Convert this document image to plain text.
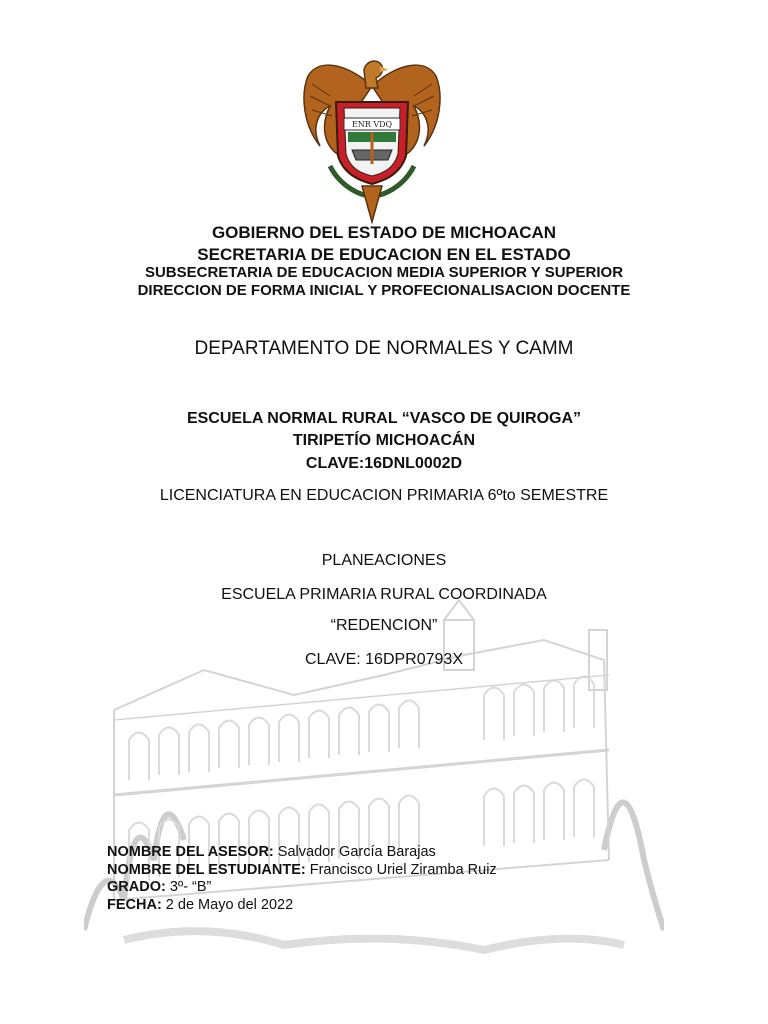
ENR VDQ
GOBIERNO DEL ESTADO DE MICHOACAN
SECRETARIA DE EDUCACION EN EL ESTADO
SUBSECRETARIA DE EDUCACION MEDIA SUPERIOR Y SUPERIOR
DIRECCION DE FORMA INICIAL Y PROFECIONALISACION DOCENTE
DEPARTAMENTO DE NORMALES Y CAMM
ESCUELA NORMAL RURAL “VASCO DE QUIROGA”
TIRIPETÍO MICHOACÁN
CLAVE:16DNL0002D
LICENCIATURA EN EDUCACION PRIMARIA 6ºto SEMESTRE
PLANEACIONES
ESCUELA PRIMARIA RURAL COORDINADA
“REDENCION”
CLAVE: 16DPR0793X
NOMBRE DEL ASESOR: Salvador García Barajas
NOMBRE DEL ESTUDIANTE: Francisco Uriel Ziramba Ruiz
GRADO: 3º- “B”
FECHA: 2 de Mayo del 2022
